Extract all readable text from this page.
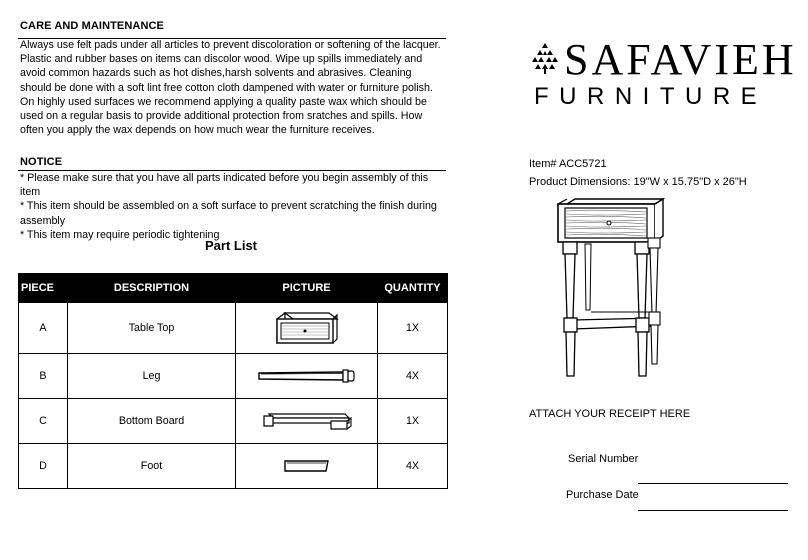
CARE AND MAINTENANCE
Always use felt pads under all articles to prevent discoloration or softening of the lacquer. Plastic and rubber bases on items can discolor wood. Wipe up spills immediately and avoid common hazards such as hot dishes,harsh solvents and abrasives. Cleaning should be done with a soft lint free cotton cloth dampened with water or furniture polish. On highly used surfaces we recommend applying a quality paste wax which should be used on a regular basis to provide additional protection from sratches and spills. How often you apply the wax depends on how much wear the furniture receives.
NOTICE
* Please make sure that you have all parts indicated before you begin assembly of this item
* This item should be assembled on a soft surface to prevent scratching the finish during assembly
* This item may require periodic tightening
Part List
PIECE	DESCRIPTION	PICTURE	QUANTITY
A	Table Top		1X
B	Leg		4X
C	Bottom Board		1X
D	Foot		4X
SAFAVIEH
FURNITURE
Item# ACC5721
Product Dimensions: 19"W x 15.75"D x 26"H
ATTACH YOUR RECEIPT HERE
Serial Number
Purchase Date
